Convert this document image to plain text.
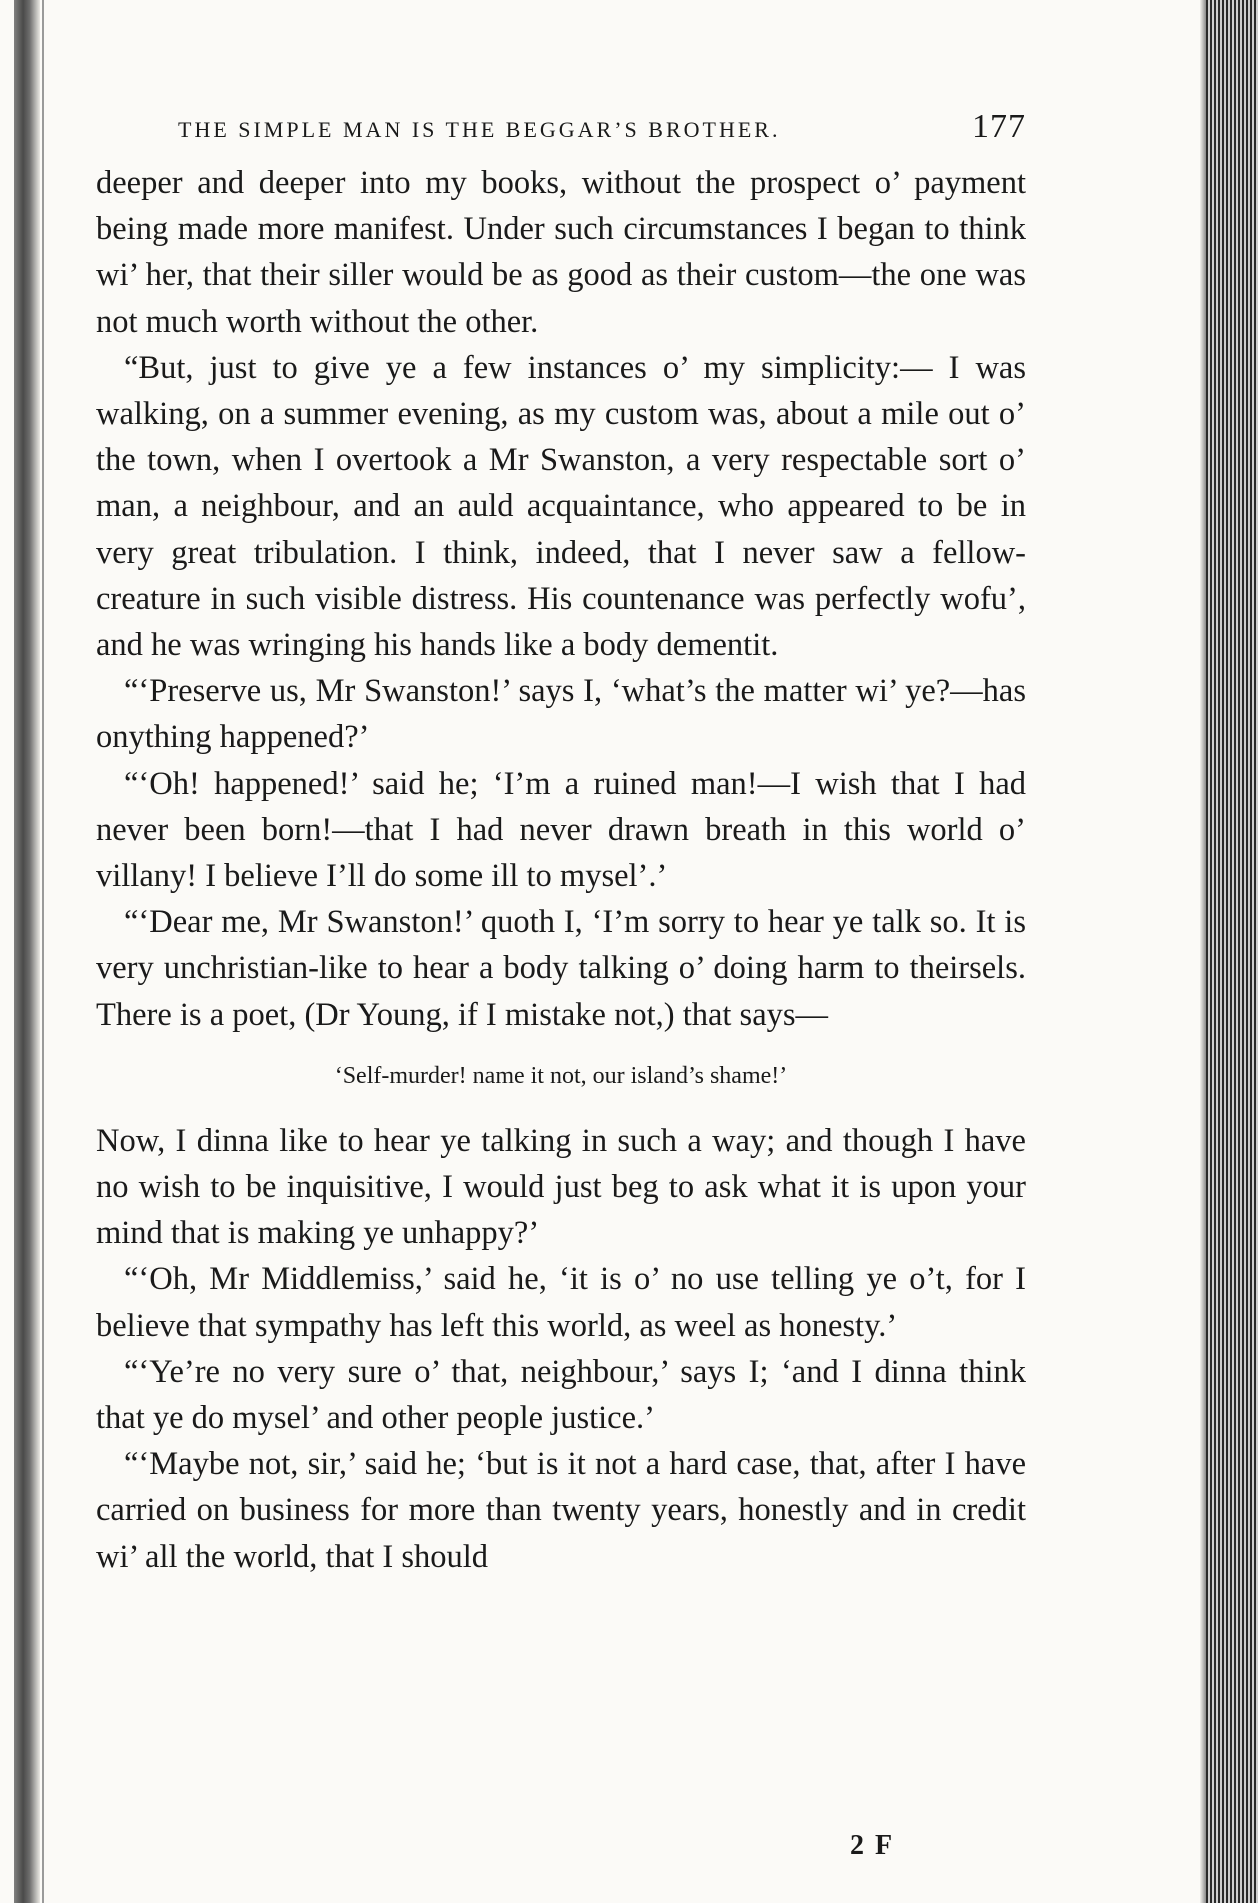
THE SIMPLE MAN IS THE BEGGAR’S BROTHER.	177

deeper and deeper into my books, without the prospect o’ payment being made more manifest. Under such circumstances I began to think wi’ her, that their siller would be as good as their custom—the one was not much worth without the other.

“But, just to give ye a few instances o’ my simplicity:— I was walking, on a summer evening, as my custom was, about a mile out o’ the town, when I overtook a Mr Swanston, a very respectable sort o’ man, a neighbour, and an auld acquaintance, who appeared to be in very great tribulation. I think, indeed, that I never saw a fellow-creature in such visible distress. His countenance was perfectly wofu’, and he was wringing his hands like a body dementit.

“‘Preserve us, Mr Swanston!’ says I, ‘what’s the matter wi’ ye?—has onything happened?’

“‘Oh! happened!’ said he; ‘I’m a ruined man!—I wish that I had never been born!—that I had never drawn breath in this world o’ villany! I believe I’ll do some ill to mysel’.’

“‘Dear me, Mr Swanston!’ quoth I, ‘I’m sorry to hear ye talk so. It is very unchristian-like to hear a body talking o’ doing harm to theirsels. There is a poet, (Dr Young, if I mistake not,) that says—

‘Self-murder! name it not, our island’s shame!’

Now, I dinna like to hear ye talking in such a way; and though I have no wish to be inquisitive, I would just beg to ask what it is upon your mind that is making ye unhappy?’

“‘Oh, Mr Middlemiss,’ said he, ‘it is o’ no use telling ye o’t, for I believe that sympathy has left this world, as weel as honesty.’

“‘Ye’re no very sure o’ that, neighbour,’ says I; ‘and I dinna think that ye do mysel’ and other people justice.’

“‘Maybe not, sir,’ said he; ‘but is it not a hard case, that, after I have carried on business for more than twenty years, honestly and in credit wi’ all the world, that I should

2 F
